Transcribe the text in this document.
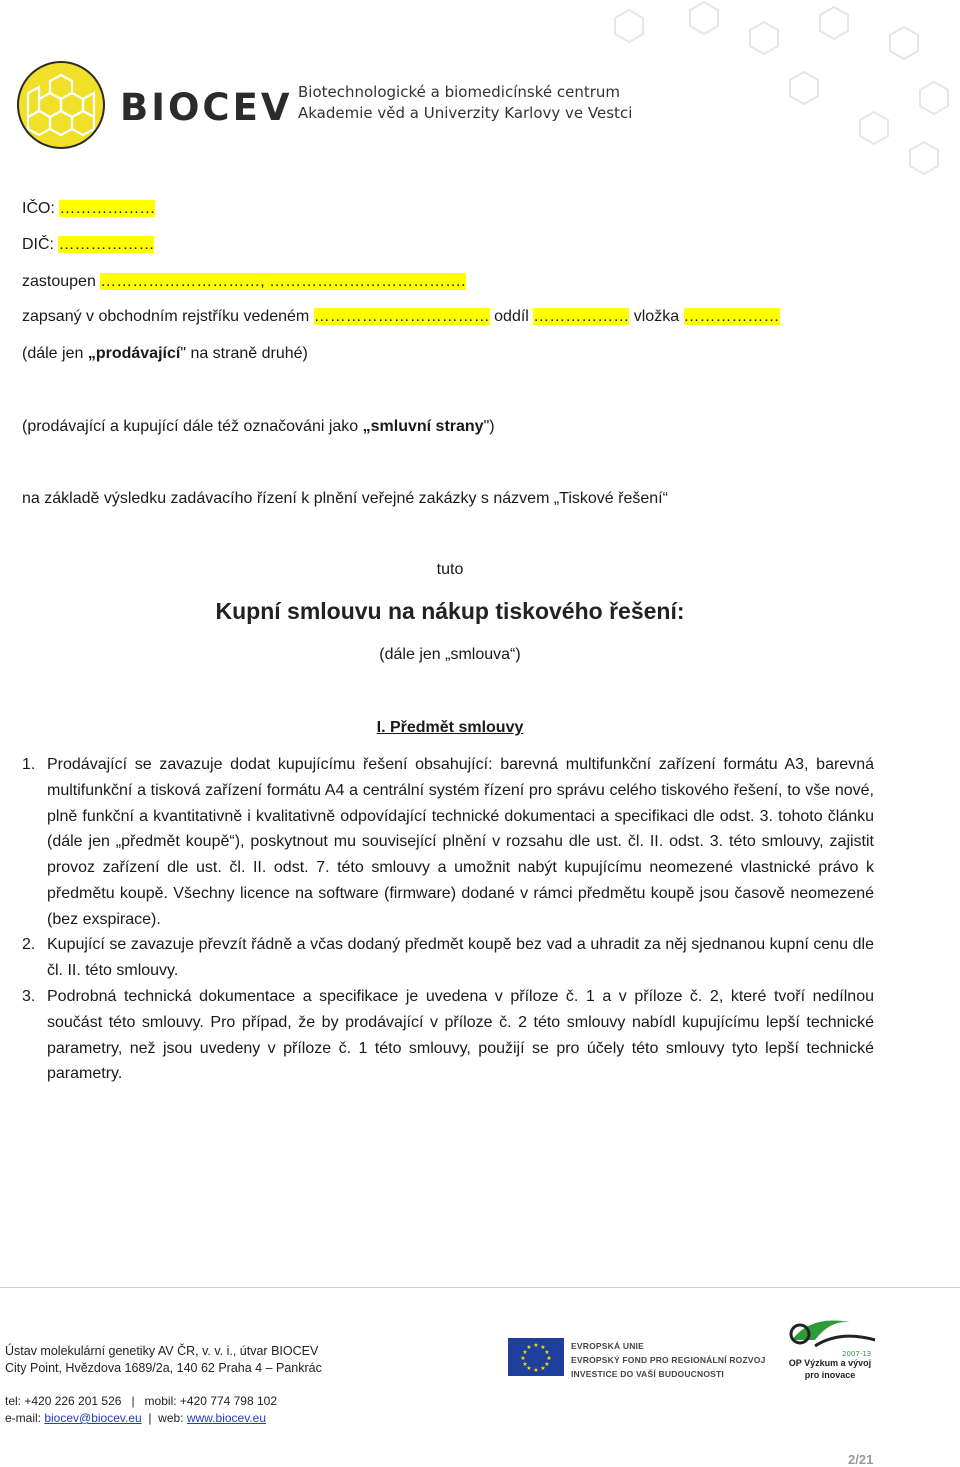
BIOCEV Biotechnologické a biomedicínské centrum
Akademie věd a Univerzity Karlovy ve Vestci
IČO: ………………
DIČ: ………………
zastoupen …………………………, ……………………………….
zapsaný v obchodním rejstříku vedeném …………………………… oddíl ……………… vložka ………………
(dále jen „prodávající" na straně druhé)
(prodávající a kupující dále též označováni jako „smluvní strany")
na základě výsledku zadávacího řízení k plnění veřejné zakázky s názvem „Tiskové řešení“
tuto
Kupní smlouvu na nákup tiskového řešení:
(dále jen „smlouva“)
I. Předmět smlouvy
1. Prodávající se zavazuje dodat kupujícímu řešení obsahující: barevná multifunkční zařízení formátu A3, barevná multifunkční a tisková zařízení formátu A4 a centrální systém řízení pro správu celého tiskového řešení, to vše nové, plně funkční a kvantitativně i kvalitativně odpovídající technické dokumentaci a specifikaci dle odst. 3. tohoto článku (dále jen „předmět koupě“), poskytnout mu související plnění v rozsahu dle ust. čl. II. odst. 3. této smlouvy, zajistit provoz zařízení dle ust. čl. II. odst. 7. této smlouvy a umožnit nabýt kupujícímu neomezené vlastnické právo k předmětu koupě. Všechny licence na software (firmware) dodané v rámci předmětu koupě jsou časově neomezené (bez exspirace).
2. Kupující se zavazuje převzít řádně a včas dodaný předmět koupě bez vad a uhradit za něj sjednanou kupní cenu dle čl. II. této smlouvy.
3. Podrobná technická dokumentace a specifikace je uvedena v příloze č. 1 a v příloze č. 2, které tvoří nedílnou součást této smlouvy. Pro případ, že by prodávající v příloze č. 2 této smlouvy nabídl kupujícímu lepší technické parametry, než jsou uvedeny v příloze č. 1 této smlouvy, použijí se pro účely této smlouvy tyto lepší technické parametry.
Ústav molekulární genetiky AV ČR, v. v. i., útvar BIOCEV
City Point, Hvězdova 1689/2a, 140 62 Praha 4 – Pankrác
tel: +420 226 201 526   |   mobil: +420 774 798 102
e-mail: biocev@biocev.eu  |  web: www.biocev.eu
★ ★
★
★
★
★
★
★
★
★
★
★	EVROPSKÁ UNIE
EVROPSKÝ FOND PRO REGIONÁLNÍ ROZVOJ
INVESTICE DO VAŠÍ BUDOUCNOSTI
2007-13
OP Výzkum a vývoj
pro inovace
2/21
